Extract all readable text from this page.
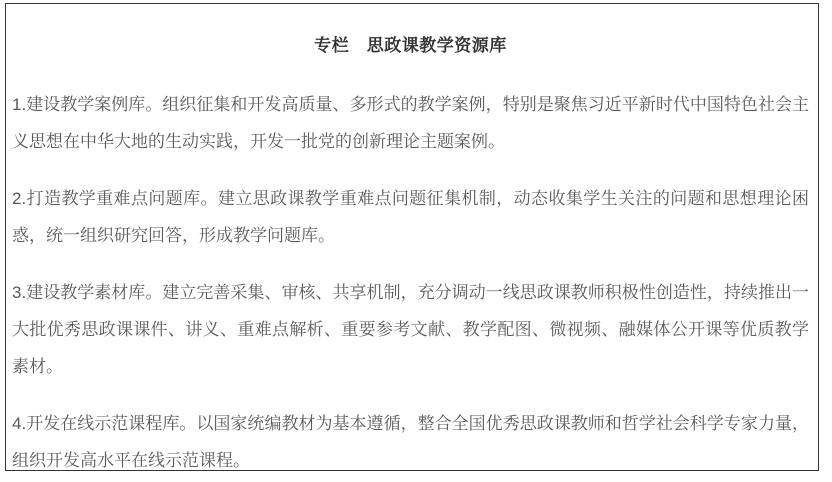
专栏　思政课教学资源库

1.建设教学案例库。组织征集和开发高质量、多形式的教学案例，特别是聚焦习近平新时代中国特色社会主义思想在中华大地的生动实践，开发一批党的创新理论主题案例。

2.打造教学重难点问题库。建立思政课教学重难点问题征集机制，动态收集学生关注的问题和思想理论困惑，统一组织研究回答，形成教学问题库。

3.建设教学素材库。建立完善采集、审核、共享机制，充分调动一线思政课教师积极性创造性，持续推出一大批优秀思政课课件、讲义、重难点解析、重要参考文献、教学配图、微视频、融媒体公开课等优质教学素材。

4.开发在线示范课程库。以国家统编教材为基本遵循，整合全国优秀思政课教师和哲学社会科学专家力量，组织开发高水平在线示范课程。
